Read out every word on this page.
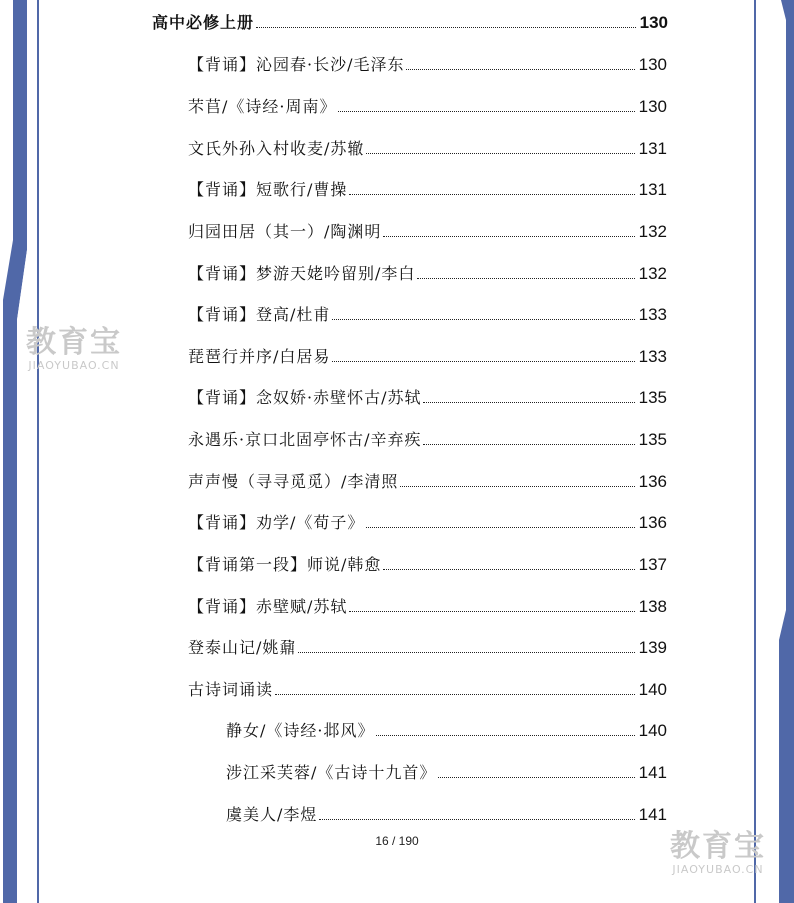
高中必修上册	130
【背诵】沁园春·长沙/毛泽东	130
芣苢/《诗经·周南》	130
文氏外孙入村收麦/苏辙	131
【背诵】短歌行/曹操	131
归园田居（其一）/陶渊明	132
【背诵】梦游天姥吟留别/李白	132
【背诵】登高/杜甫	133
琵琶行并序/白居易	133
【背诵】念奴娇·赤壁怀古/苏轼	135
永遇乐·京口北固亭怀古/辛弃疾	135
声声慢（寻寻觅觅）/李清照	136
【背诵】劝学/《荀子》	136
【背诵第一段】师说/韩愈	137
【背诵】赤壁赋/苏轼	138
登泰山记/姚鼐	139
古诗词诵读	140
静女/《诗经·邶风》	140
涉江采芙蓉/《古诗十九首》	141
虞美人/李煜	141
16 / 190
教育宝
JIAOYUBAO.CN
教育宝
JIAOYUBAO.CN
